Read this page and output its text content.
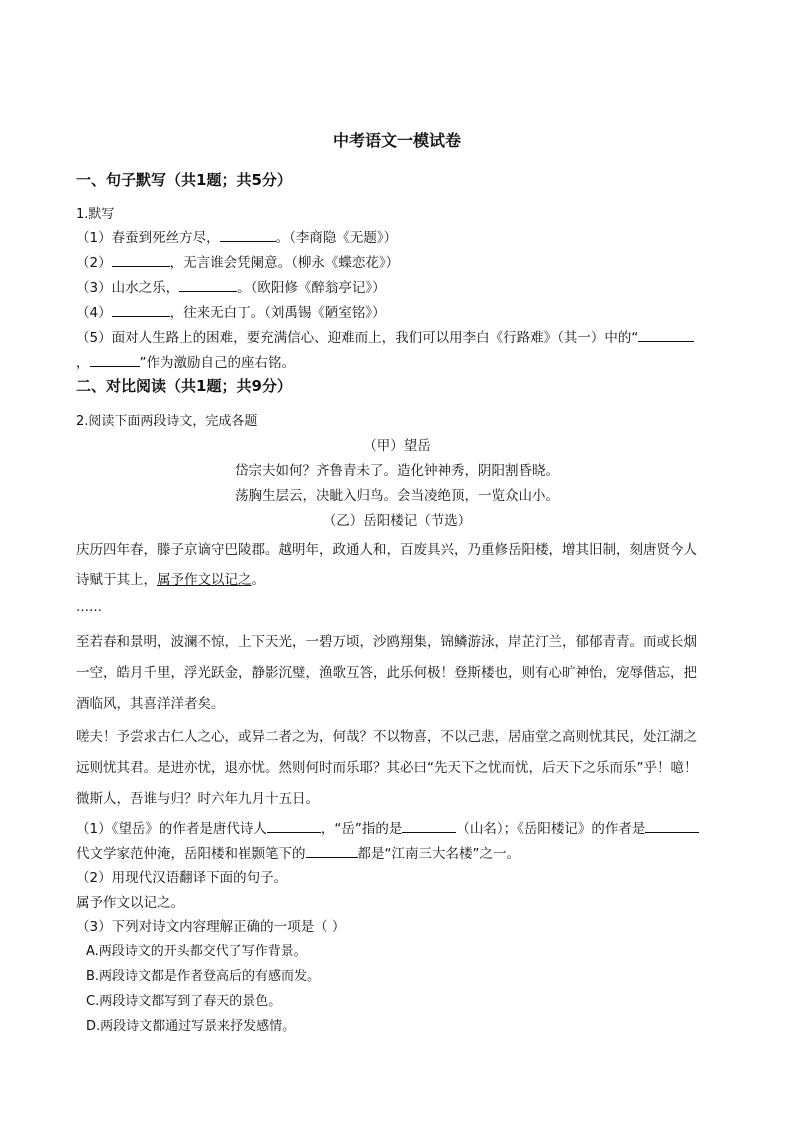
中考语文一模试卷
一、句子默写（共1题；共5分）
1.默写
（1）春蚕到死丝方尽，	。（李商隐《无题》）
（2）	，无言谁会凭阑意。（柳永《蝶恋花》）
（3）山水之乐，	。（欧阳修《醉翁亭记》）
（4）	，往来无白丁。（刘禹锡《陋室铭》）
（5）面对人生路上的困难，要充满信心、迎难而上，我们可以用李白《行路难》（其一）中的“
，	”作为激励自己的座右铭。
二、对比阅读（共1题；共9分）
2.阅读下面两段诗文，完成各题
（甲）望岳
岱宗夫如何？齐鲁青未了。造化钟神秀，阴阳割昏晓。
荡胸生层云，决眦入归鸟。会当凌绝顶，一览众山小。
（乙）岳阳楼记（节选）
庆历四年春，滕子京谪守巴陵郡。越明年，政通人和，百废具兴，乃重修岳阳楼，增其旧制，刻唐贤今人
诗赋于其上，属予作文以记之。
……
至若春和景明，波澜不惊，上下天光，一碧万顷，沙鸥翔集，锦鳞游泳，岸芷汀兰，郁郁青青。而或长烟
一空，皓月千里，浮光跃金，静影沉璧，渔歌互答，此乐何极！登斯楼也，则有心旷神怡，宠辱偕忘，把
酒临风，其喜洋洋者矣。
嗟夫！予尝求古仁人之心，或异二者之为，何哉？不以物喜，不以己悲，居庙堂之高则忧其民，处江湖之
远则忧其君。是进亦忧，退亦忧。然则何时而乐耶？其必曰“先天下之忧而忧，后天下之乐而乐”乎！噫！
微斯人，吾谁与归？时六年九月十五日。
（1）《望岳》的作者是唐代诗人	，“岳”指的是	（山名）；《岳阳楼记》的作者是
代文学家范仲淹，岳阳楼和崔颢笔下的	都是“江南三大名楼”之一。
（2）用现代汉语翻译下面的句子。
属予作文以记之。
（3）下列对诗文内容理解正确的一项是（ ）
A.两段诗文的开头都交代了写作背景。
B.两段诗文都是作者登高后的有感而发。
C.两段诗文都写到了春天的景色。
D.两段诗文都通过写景来抒发感情。
